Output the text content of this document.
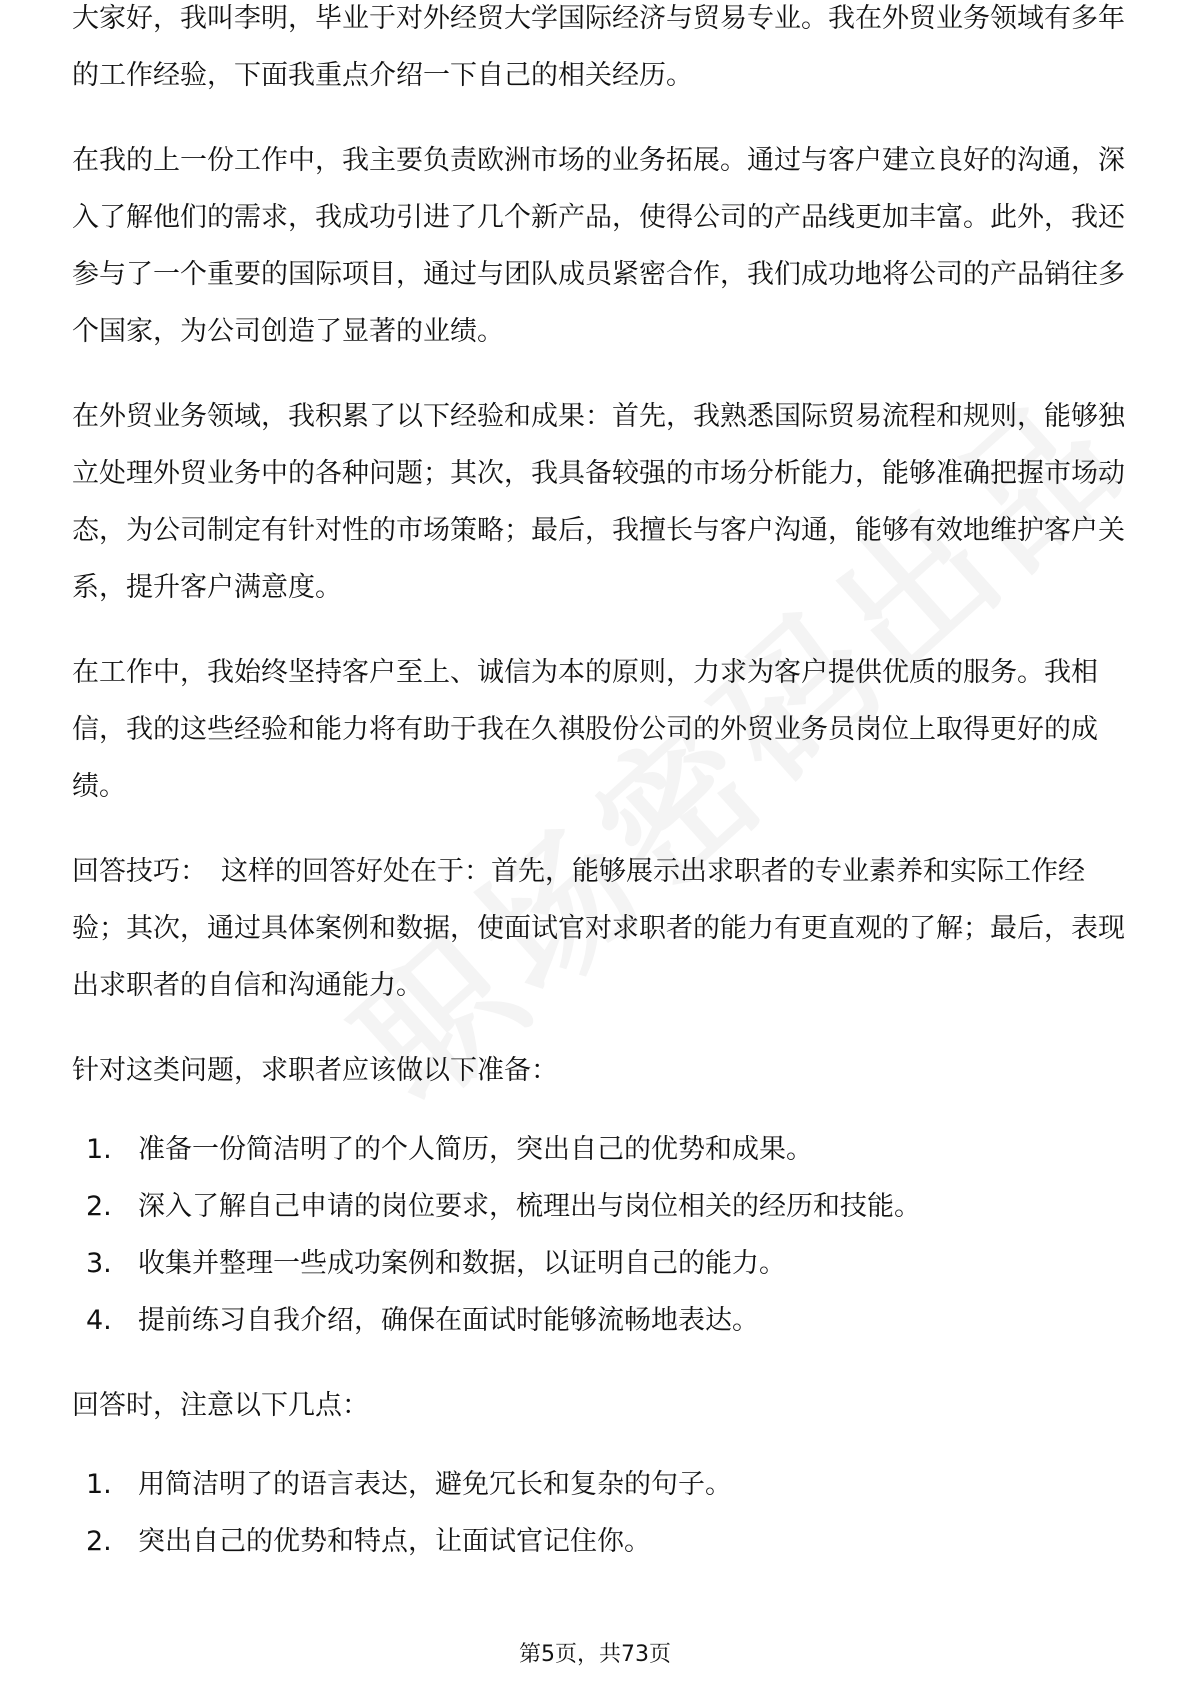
大家好，我叫李明，毕业于对外经贸大学国际经济与贸易专业。我在外贸业务领域有多年的工作经验，下面我重点介绍一下自己的相关经历。

在我的上一份工作中，我主要负责欧洲市场的业务拓展。通过与客户建立良好的沟通，深入了解他们的需求，我成功引进了几个新产品，使得公司的产品线更加丰富。此外，我还参与了一个重要的国际项目，通过与团队成员紧密合作，我们成功地将公司的产品销往多个国家，为公司创造了显著的业绩。

在外贸业务领域，我积累了以下经验和成果：首先，我熟悉国际贸易流程和规则，能够独立处理外贸业务中的各种问题；其次，我具备较强的市场分析能力，能够准确把握市场动态，为公司制定有针对性的市场策略；最后，我擅长与客户沟通，能够有效地维护客户关系，提升客户满意度。

在工作中，我始终坚持客户至上、诚信为本的原则，力求为客户提供优质的服务。我相信，我的这些经验和能力将有助于我在久祺股份公司的外贸业务员岗位上取得更好的成绩。

回答技巧： 这样的回答好处在于：首先，能够展示出求职者的专业素养和实际工作经验；其次，通过具体案例和数据，使面试官对求职者的能力有更直观的了解；最后，表现出求职者的自信和沟通能力。

针对这类问题，求职者应该做以下准备：

1. 准备一份简洁明了的个人简历，突出自己的优势和成果。
2. 深入了解自己申请的岗位要求，梳理出与岗位相关的经历和技能。
3. 收集并整理一些成功案例和数据，以证明自己的能力。
4. 提前练习自我介绍，确保在面试时能够流畅地表达。

回答时，注意以下几点：

1. 用简洁明了的语言表达，避免冗长和复杂的句子。
2. 突出自己的优势和特点，让面试官记住你。
第5页，共73页
